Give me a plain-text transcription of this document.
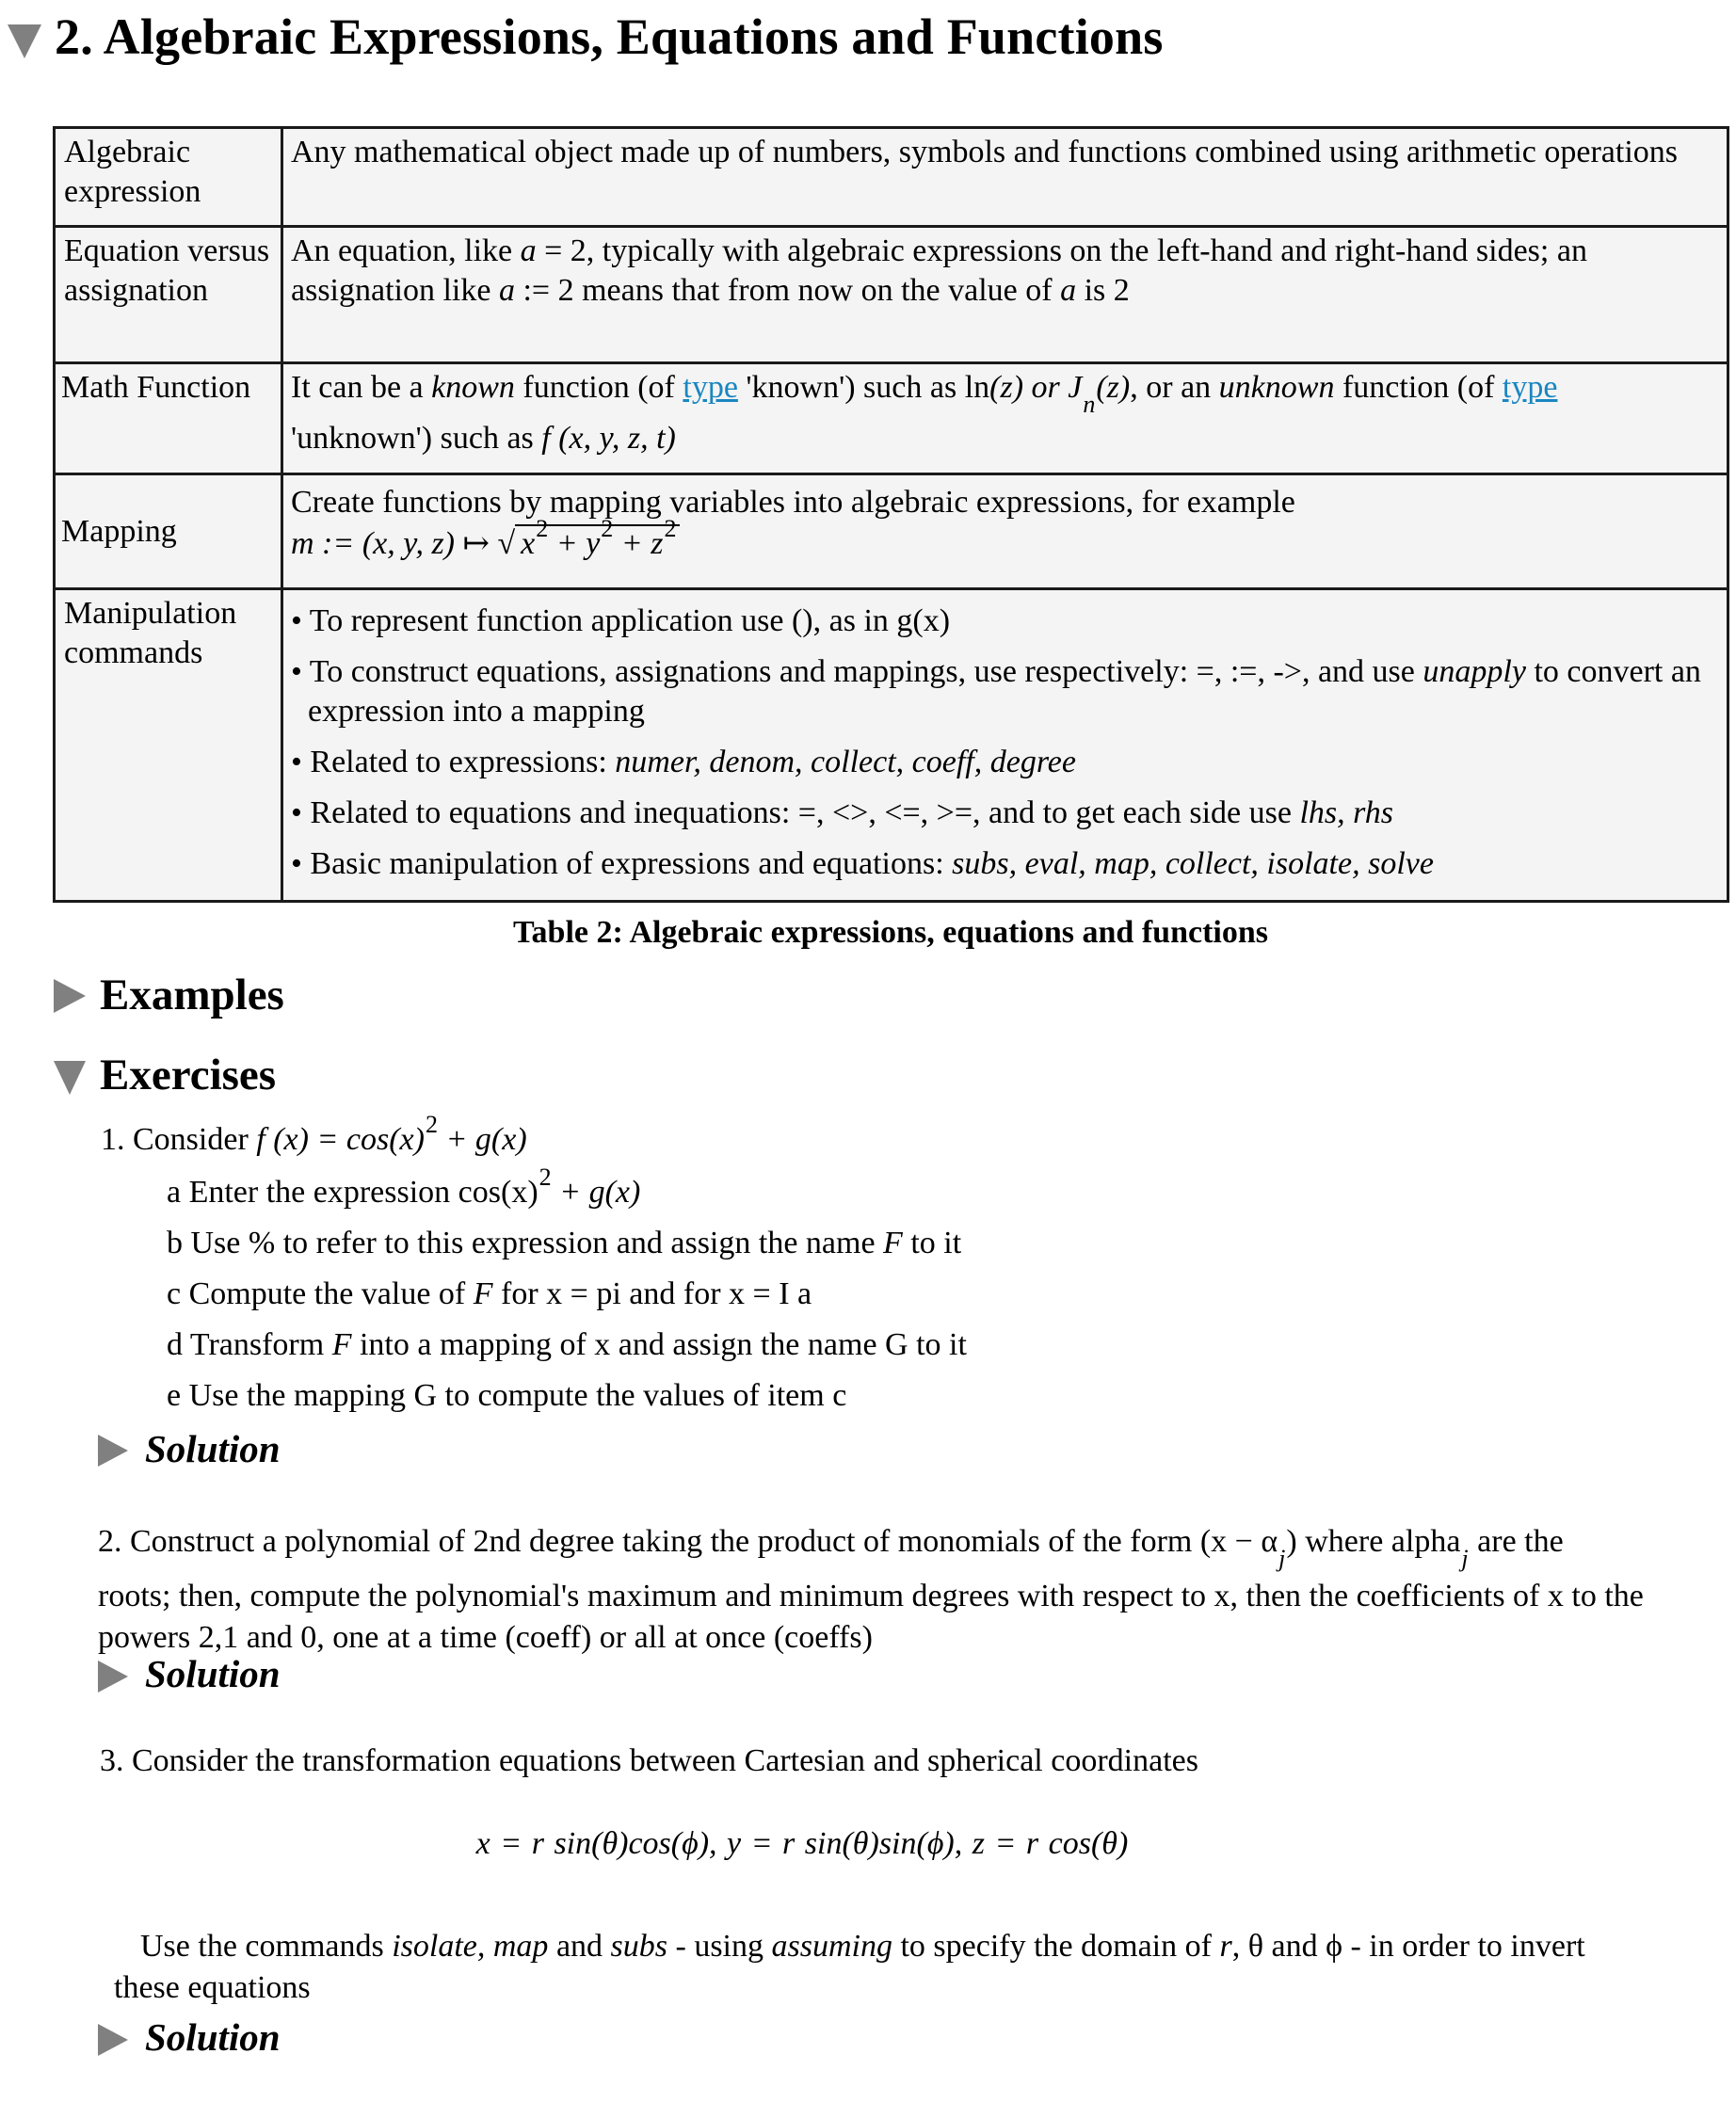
2. Algebraic Expressions, Equations and Functions
Algebraic expression	Any mathematical object made up of numbers, symbols and functions combined using arithmetic operations
Equation versus assignation	An equation, like a = 2, typically with algebraic expressions on the left-hand and right-hand sides; an assignation like a := 2 means that from now on the value of a is 2
Math Function	It can be a known function (of type 'known') such as ln(z) or $J_n(z)$, or an unknown function (of type
'unknown') such as f (x, y, z, t)

Mapping	Create functions by mapping variables into algebraic expressions, for example
m := (x, y, z) ↦ √ $x^2 + y^2 + z^2$

Manipulation commands	• To represent function application use (), as in g(x)
• To construct equations, assignations and mappings, use respectively: =, :=, ->, and use unapply to convert an expression into a mapping
• Related to expressions: numer, denom, collect, coeff, degree
• Related to equations and inequations: =, <>, <=, >=, and to get each side use lhs, rhs
• Basic manipulation of expressions and equations: subs, eval, map, collect, isolate, solve
Table 2: Algebraic expressions, equations and functions
Examples
Exercises
1. Consider f $(x) = \cos(x)^2 + g(x)$
a Enter the expression $\cos(x)^2 + g(x)$
b Use % to refer to this expression and assign the name F to it
c Compute the value of F for x = pi and for x = I a
d Transform F into a mapping of x and assign the name G to it
e Use the mapping G to compute the values of item c
Solution
2. Construct a polynomial of 2nd degree taking the product of monomials of the form $(x - \alpha_j)$ where alpha$_j$ are the
roots; then, compute the polynomial's maximum and minimum degrees with respect to x, then the coefficients of x to the
powers 2,1 and 0, one at a time (coeff) or all at once (coeffs)
Solution
3. Consider the transformation equations between Cartesian and spherical coordinates
x = r sin(θ)cos(ϕ), y = r sin(θ)sin(ϕ), z = r cos(θ)
Use the commands isolate, map and subs - using assuming to specify the domain of r, θ and ϕ - in order to invert
these equations
Solution
